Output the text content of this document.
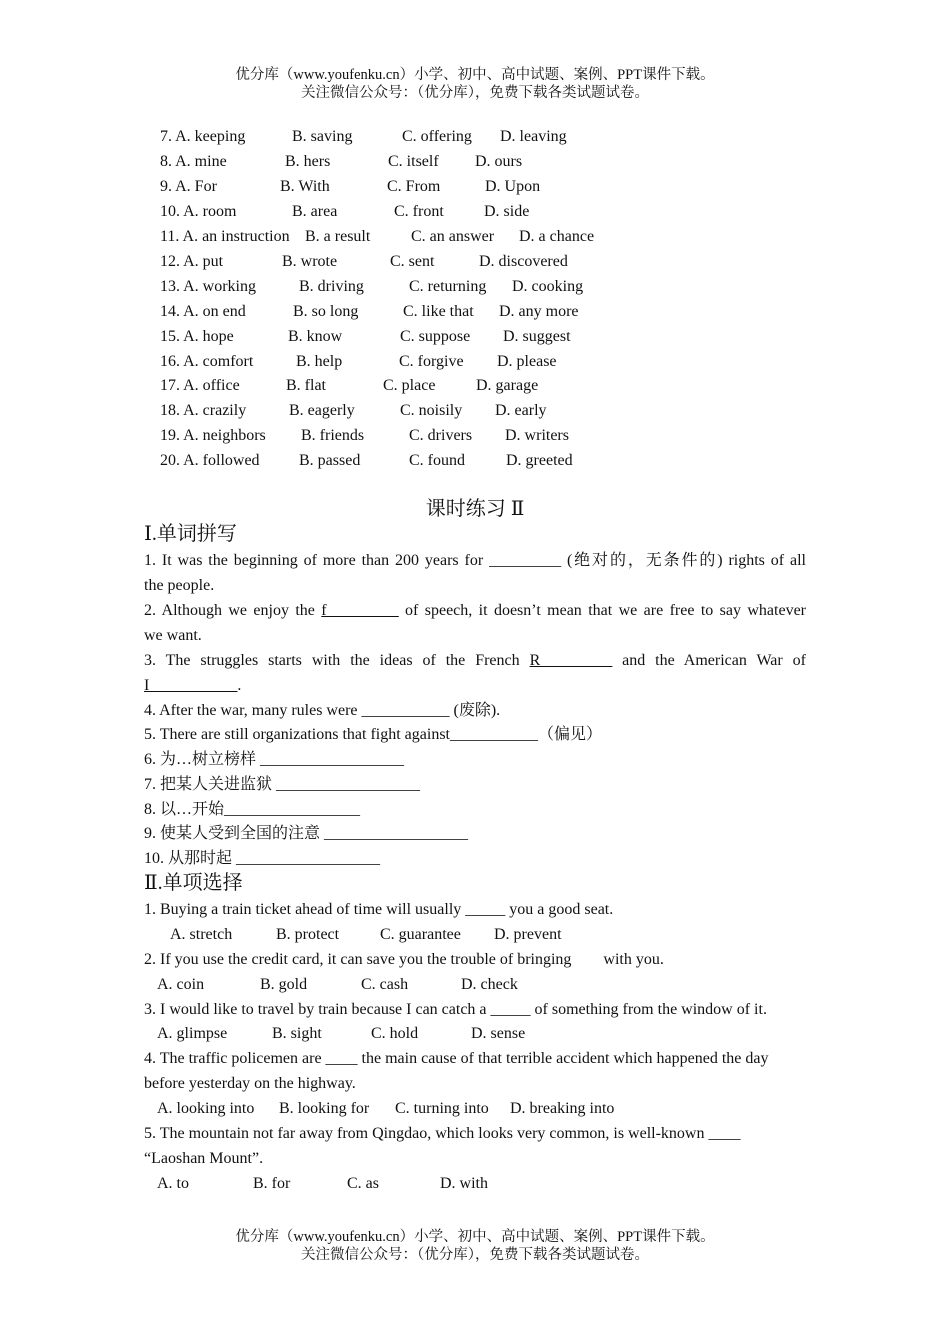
优分库（www.youfenku.cn）小学、初中、高中试题、案例、PPT课件下载。
关注微信公众号：（优分库），免费下载各类试题试卷。
7. A. keeping	B. saving	C. offering D. leaving
8. A. mine	B. hers	C. itself D. ours
9. A. For	B. With	C. From	D. Upon
10. A. room	B. area	C. front	D. side
11. A. an instruction B. a result	C. an answer D. a chance
12. A. put	B. wrote	C. sent	D. discovered
13. A. working	B. driving	C. returning D. cooking
14. A. on end	B. so long	C. like that D. any more
15. A. hope	B. know	C. suppose D. suggest
16. A. comfort	B. help	C. forgive D. please
17. A. office	B. flat	C. place	D. garage
18. A. crazily	B. eagerly	C. noisily D. early
19. A. neighbors B. friends	C. drivers D. writers
20. A. followed B. passed	C. found	D. greeted
课时练习 Ⅱ
Ⅰ.单词拼写
1. It was the beginning of more than 200 years for _________ (绝对的，无条件的) rights of all
the people.
2. Although we enjoy the f_________ of speech, it doesn’t mean that we are free to say whatever
we want.
3. The struggles starts with the ideas of the French R_________ and the American War of
I___________.
4. After the war, many rules were ___________ (废除).
5. There are still organizations that fight against___________（偏见）
6. 为…树立榜样 __________________
7. 把某人关进监狱 __________________
8. 以…开始_________________
9. 使某人受到全国的注意 __________________
10. 从那时起 __________________
Ⅱ.单项选择
1. Buying a train ticket ahead of time will usually _____ you a good seat.
A. stretch	B. protect	C. guarantee D. prevent
2. If you use the credit card, it can save you the trouble of bringing        with you.
A. coin	B. gold	C. cash	D. check
3. I would like to travel by train because I can catch a _____ of something from the window of it.
A. glimpse	B. sight	C. hold	D. sense
4. The traffic policemen are ____ the main cause of that terrible accident which happened the day
before yesterday on the highway.
A. looking into B. looking for C. turning into D. breaking into
5. The mountain not far away from Qingdao, which looks very common, is well-known ____
“Laoshan Mount”.
A. to	B. for	C. as	D. with
优分库（www.youfenku.cn）小学、初中、高中试题、案例、PPT课件下载。
关注微信公众号：（优分库），免费下载各类试题试卷。
